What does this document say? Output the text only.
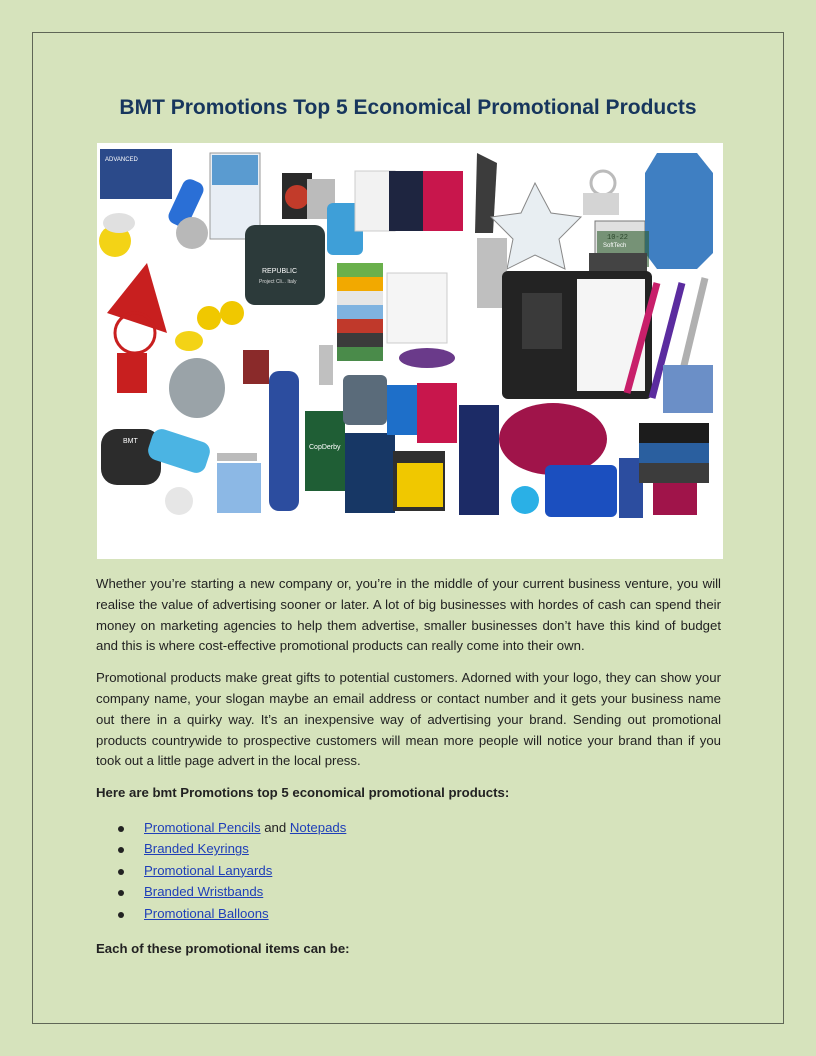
BMT Promotions Top 5 Economical Promotional Products
ADVANCED
REPUBLIC
Project Cli... Italy
SoftTech
CopDerby
BMT

Whether you’re starting a new company or, you’re in the middle of your current business venture, you will realise the value of advertising sooner or later. A lot of big businesses with hordes of cash can spend their money on marketing agencies to help them advertise, smaller businesses don’t have this kind of budget and this is where cost-effective promotional products can really come into their own.

Promotional products make great gifts to potential customers. Adorned with your logo, they can show your company name, your slogan maybe an email address or contact number and it gets your business name out there in a quirky way. It’s an inexpensive way of advertising your brand. Sending out promotional products countrywide to prospective customers will mean more people will notice your brand than if you took out a little page advert in the local press.

Here are bmt Promotions top 5 economical promotional products:

Promotional Pencils and Notepads
Branded Keyrings
Promotional Lanyards
Branded Wristbands
Promotional Balloons

Each of these promotional items can be:
